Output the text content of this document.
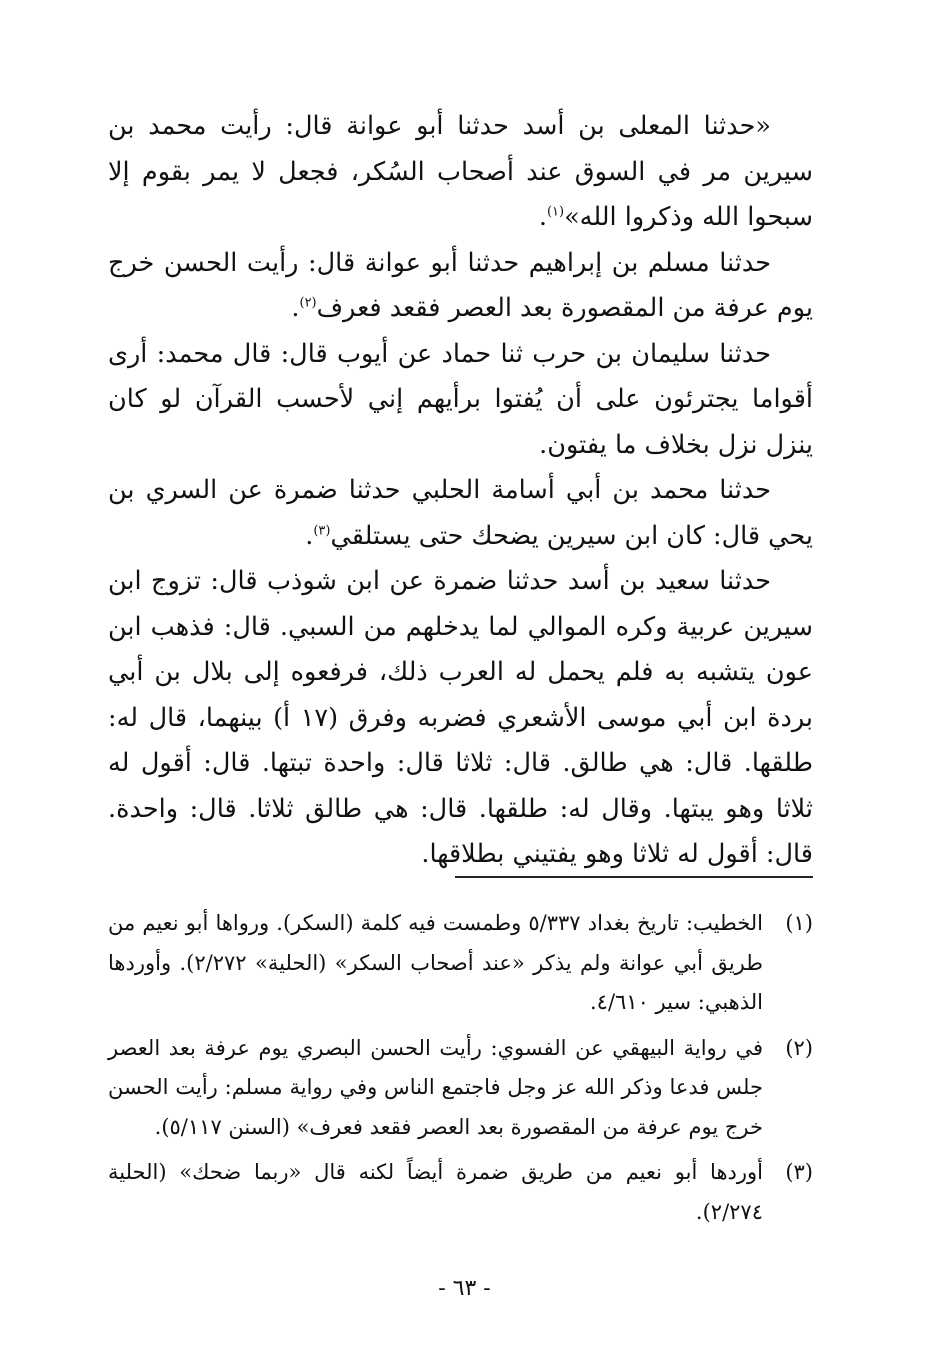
«حدثنا المعلى بن أسد حدثنا أبو عوانة قال: رأيت محمد بن سيرين مر في السوق عند أصحاب السُكر، فجعل لا يمر بقوم إلا سبحوا الله وذكروا الله»$^{(١)}$.

حدثنا مسلم بن إبراهيم حدثنا أبو عوانة قال: رأيت الحسن خرج يوم عرفة من المقصورة بعد العصر فقعد فعرف$^{(٢)}$.

حدثنا سليمان بن حرب ثنا حماد عن أيوب قال: قال محمد: أرى أقواما يجترئون على أن يُفتوا برأيهم إني لأحسب القرآن لو كان ينزل نزل بخلاف ما يفتون.

حدثنا محمد بن أبي أسامة الحلبي حدثنا ضمرة عن السري بن يحي قال: كان ابن سيرين يضحك حتى يستلقي$^{(٣)}$.

حدثنا سعيد بن أسد حدثنا ضمرة عن ابن شوذب قال: تزوج ابن سيرين عربية وكره الموالي لما يدخلهم من السبي. قال: فذهب ابن عون يتشبه به فلم يحمل له العرب ذلك، فرفعوه إلى بلال بن أبي بردة ابن أبي موسى الأشعري فضربه وفرق (١٧ أ) بينهما، قال له: طلقها. قال: هي طالق. قال: ثلاثا قال: واحدة تبتها. قال: أقول له ثلاثا وهو يبتها. وقال له: طلقها. قال: هي طالق ثلاثا. قال: واحدة. قال: أقول له ثلاثا وهو يفتيني بطلاقها.

(١)
الخطيب: تاريخ بغداد ٥/٣٣٧ وطمست فيه كلمة (السكر). ورواها أبو نعيم من طريق أبي عوانة ولم يذكر «عند أصحاب السكر» (الحلية» ٢/٢٧٢). وأوردها الذهبي: سير ٤/٦١٠.
(٢)
في رواية البيهقي عن الفسوي: رأيت الحسن البصري يوم عرفة بعد العصر جلس فدعا وذكر الله عز وجل فاجتمع الناس وفي رواية مسلم: رأيت الحسن خرج يوم عرفة من المقصورة بعد العصر فقعد فعرف» (السنن ٥/١١٧).
(٣)
أوردها أبو نعيم من طريق ضمرة أيضاً لكنه قال «ربما ضحك» (الحلية ٢/٢٧٤).
- ٦٣ -
